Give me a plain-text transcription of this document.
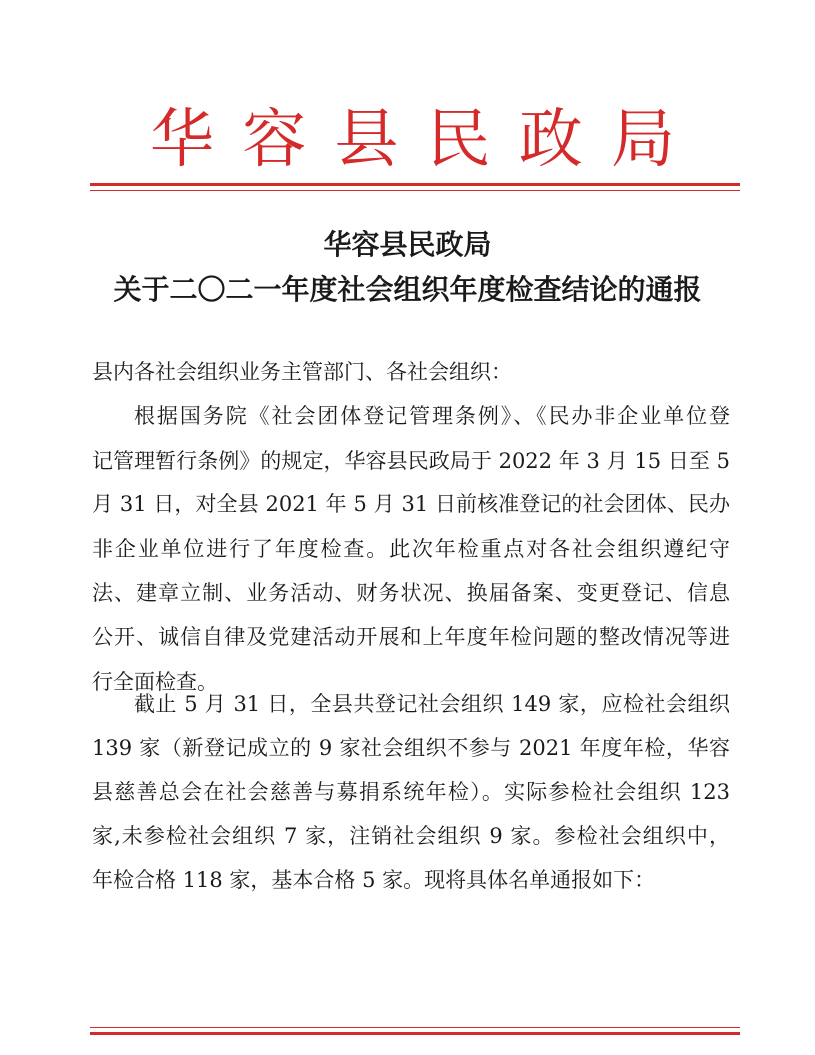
华容县民政局
华容县民政局
关于二〇二一年度社会组织年度检查结论的通报
县内各社会组织业务主管部门、各社会组织：
根据国务院《社会团体登记管理条例》、《民办非企业单位登
记管理暂行条例》的规定，华容县民政局于 2022 年 3 月 15 日至 5
月 31 日，对全县 2021 年 5 月 31 日前核准登记的社会团体、民办
非企业单位进行了年度检查。此次年检重点对各社会组织遵纪守
法、建章立制、业务活动、财务状况、换届备案、变更登记、信息
公开、诚信自律及党建活动开展和上年度年检问题的整改情况等进
行全面检查。
截止 5 月 31 日，全县共登记社会组织 149 家，应检社会组织
139 家（新登记成立的 9 家社会组织不参与 2021 年度年检，华容
县慈善总会在社会慈善与募捐系统年检）。实际参检社会组织 123
家,未参检社会组织 7 家，注销社会组织 9 家。参检社会组织中，
年检合格 118 家，基本合格 5 家。现将具体名单通报如下：
